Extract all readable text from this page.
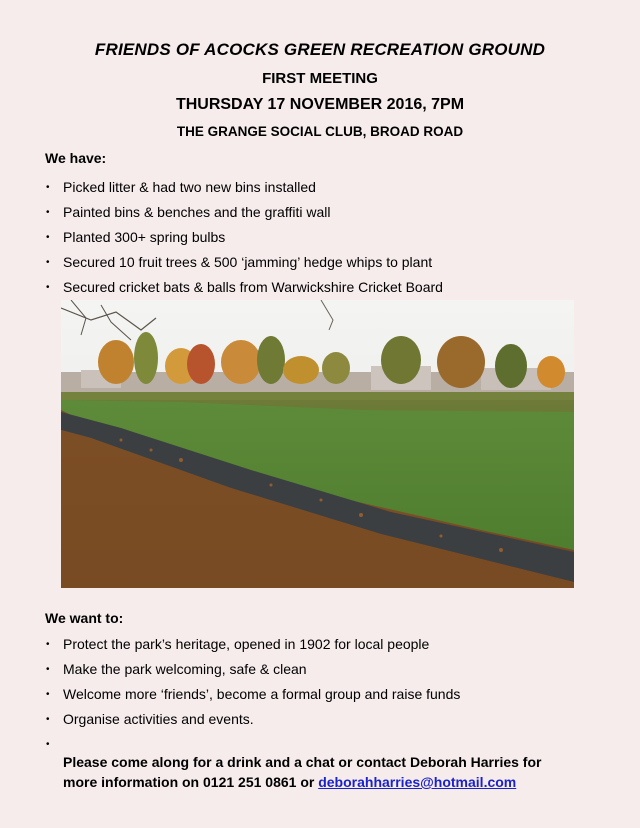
FRIENDS OF ACOCKS GREEN RECREATION GROUND
FIRST MEETING
THURSDAY 17 NOVEMBER 2016, 7PM
THE GRANGE SOCIAL CLUB, BROAD ROAD
We have:
• Picked litter & had two new bins installed
• Painted bins & benches and the graffiti wall
• Planted 300+ spring bulbs
• Secured 10 fruit trees & 500 ‘jamming’ hedge whips to plant
• Secured cricket bats & balls from Warwickshire Cricket Board
We want to:
• Protect the park’s heritage, opened in 1902 for local people
• Make the park welcoming, safe & clean
• Welcome more ‘friends’, become a formal group and raise funds
• Organise activities and events.
•
Please come along for a drink and a chat or contact Deborah Harries for
more information on 0121 251 0861 or deborahharries@hotmail.com
